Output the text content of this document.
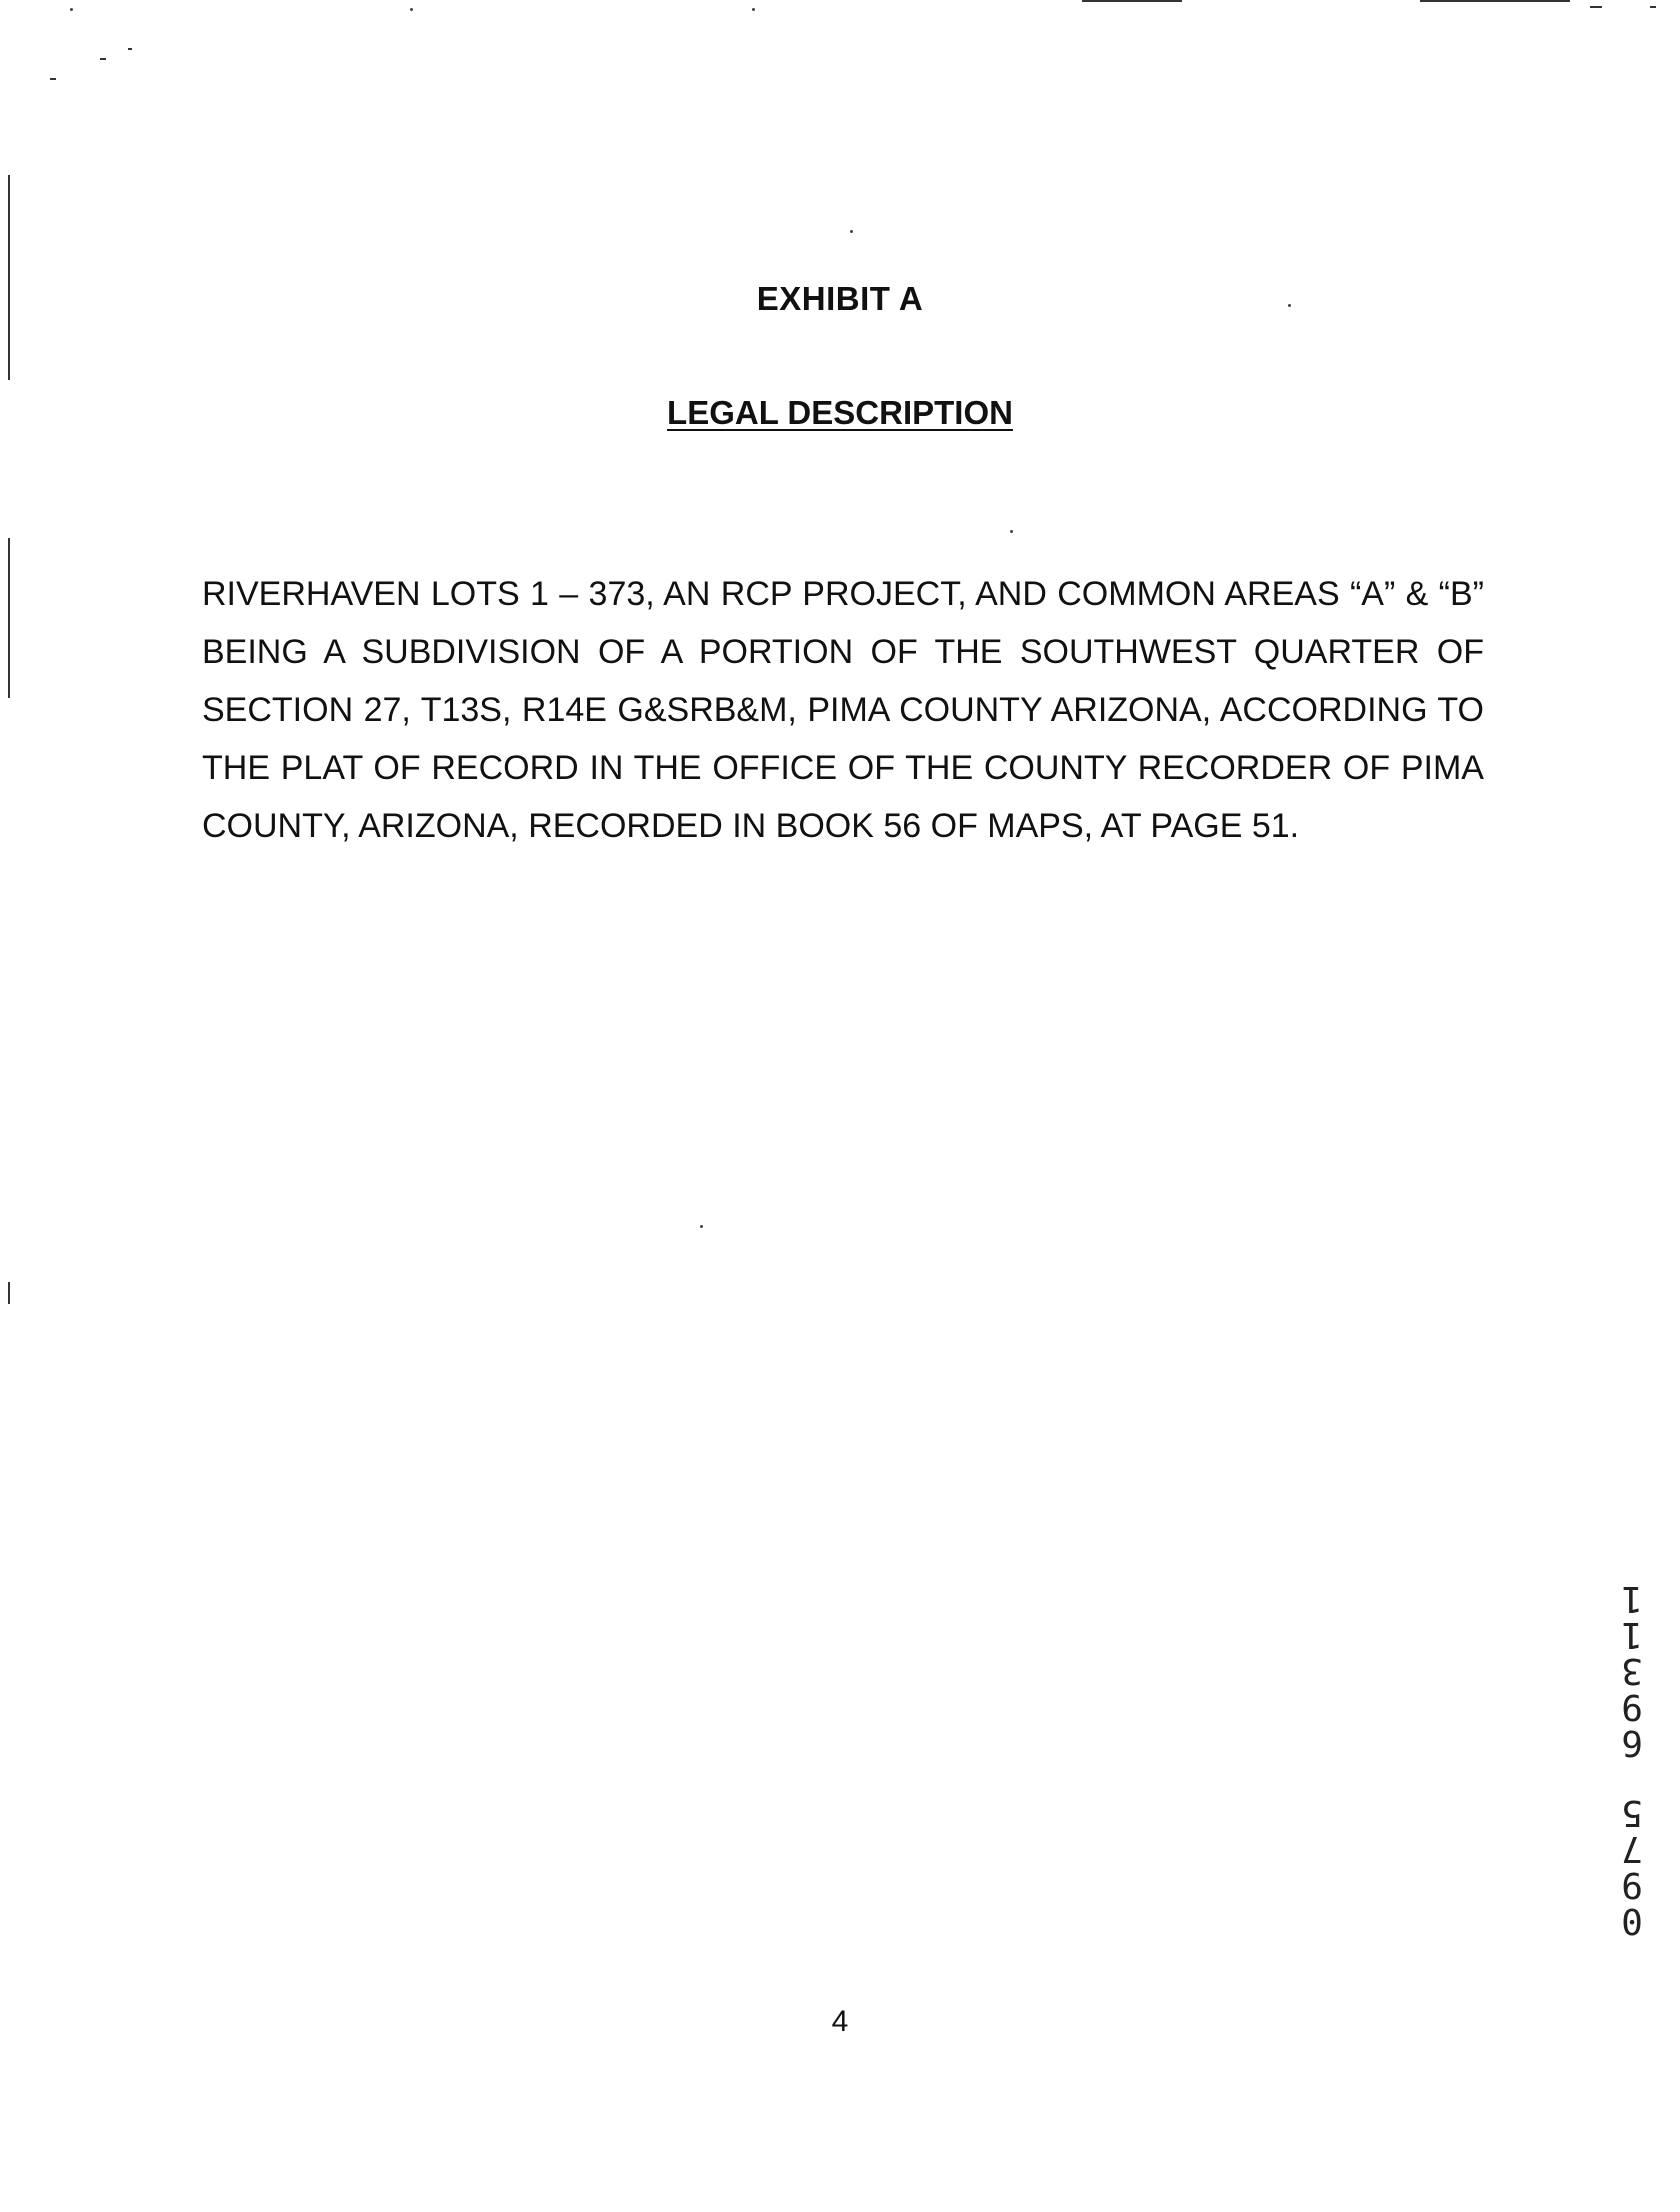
EXHIBIT A
LEGAL DESCRIPTION
RIVERHAVEN LOTS 1 – 373, AN RCP PROJECT, AND COMMON AREAS “A” & “B”
BEING A SUBDIVISION OF A PORTION OF THE SOUTHWEST QUARTER OF
SECTION 27, T13S, R14E G&SRB&M, PIMA COUNTY ARIZONA, ACCORDING TO
THE PLAT OF RECORD IN THE OFFICE OF THE COUNTY RECORDER OF PIMA
COUNTY, ARIZONA, RECORDED IN BOOK 56 OF MAPS, AT PAGE 51.
1
1
3
9
6
5
7
9
0
4
